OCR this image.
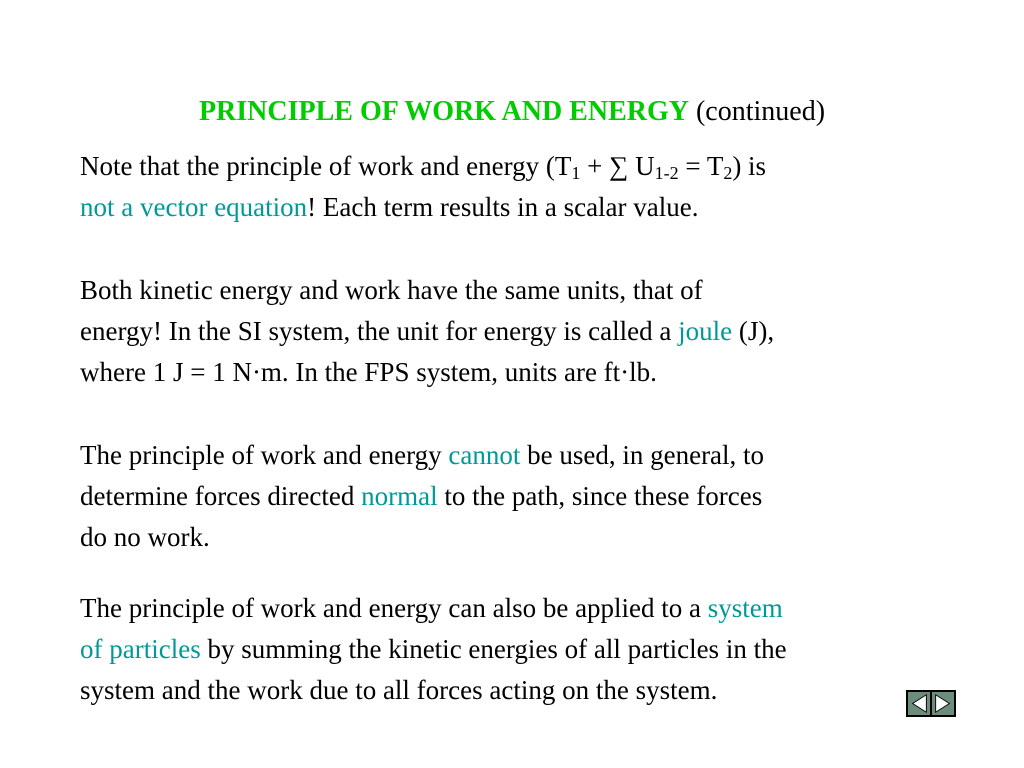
PRINCIPLE OF WORK AND ENERGY (continued)

Note that the principle of work and energy ($T_1$ + ∑ $U_{1-2} = T_2$) is
not a vector equation! Each term results in a scalar value.

Both kinetic energy and work have the same units, that of
energy! In the SI system, the unit for energy is called a joule (J),
where 1 J = 1 N·m. In the FPS system, units are ft·lb.

The principle of work and energy cannot be used, in general, to
determine forces directed normal to the path, since these forces
do no work.

The principle of work and energy can also be applied to a system
of particles by summing the kinetic energies of all particles in the
system and the work due to all forces acting on the system.
